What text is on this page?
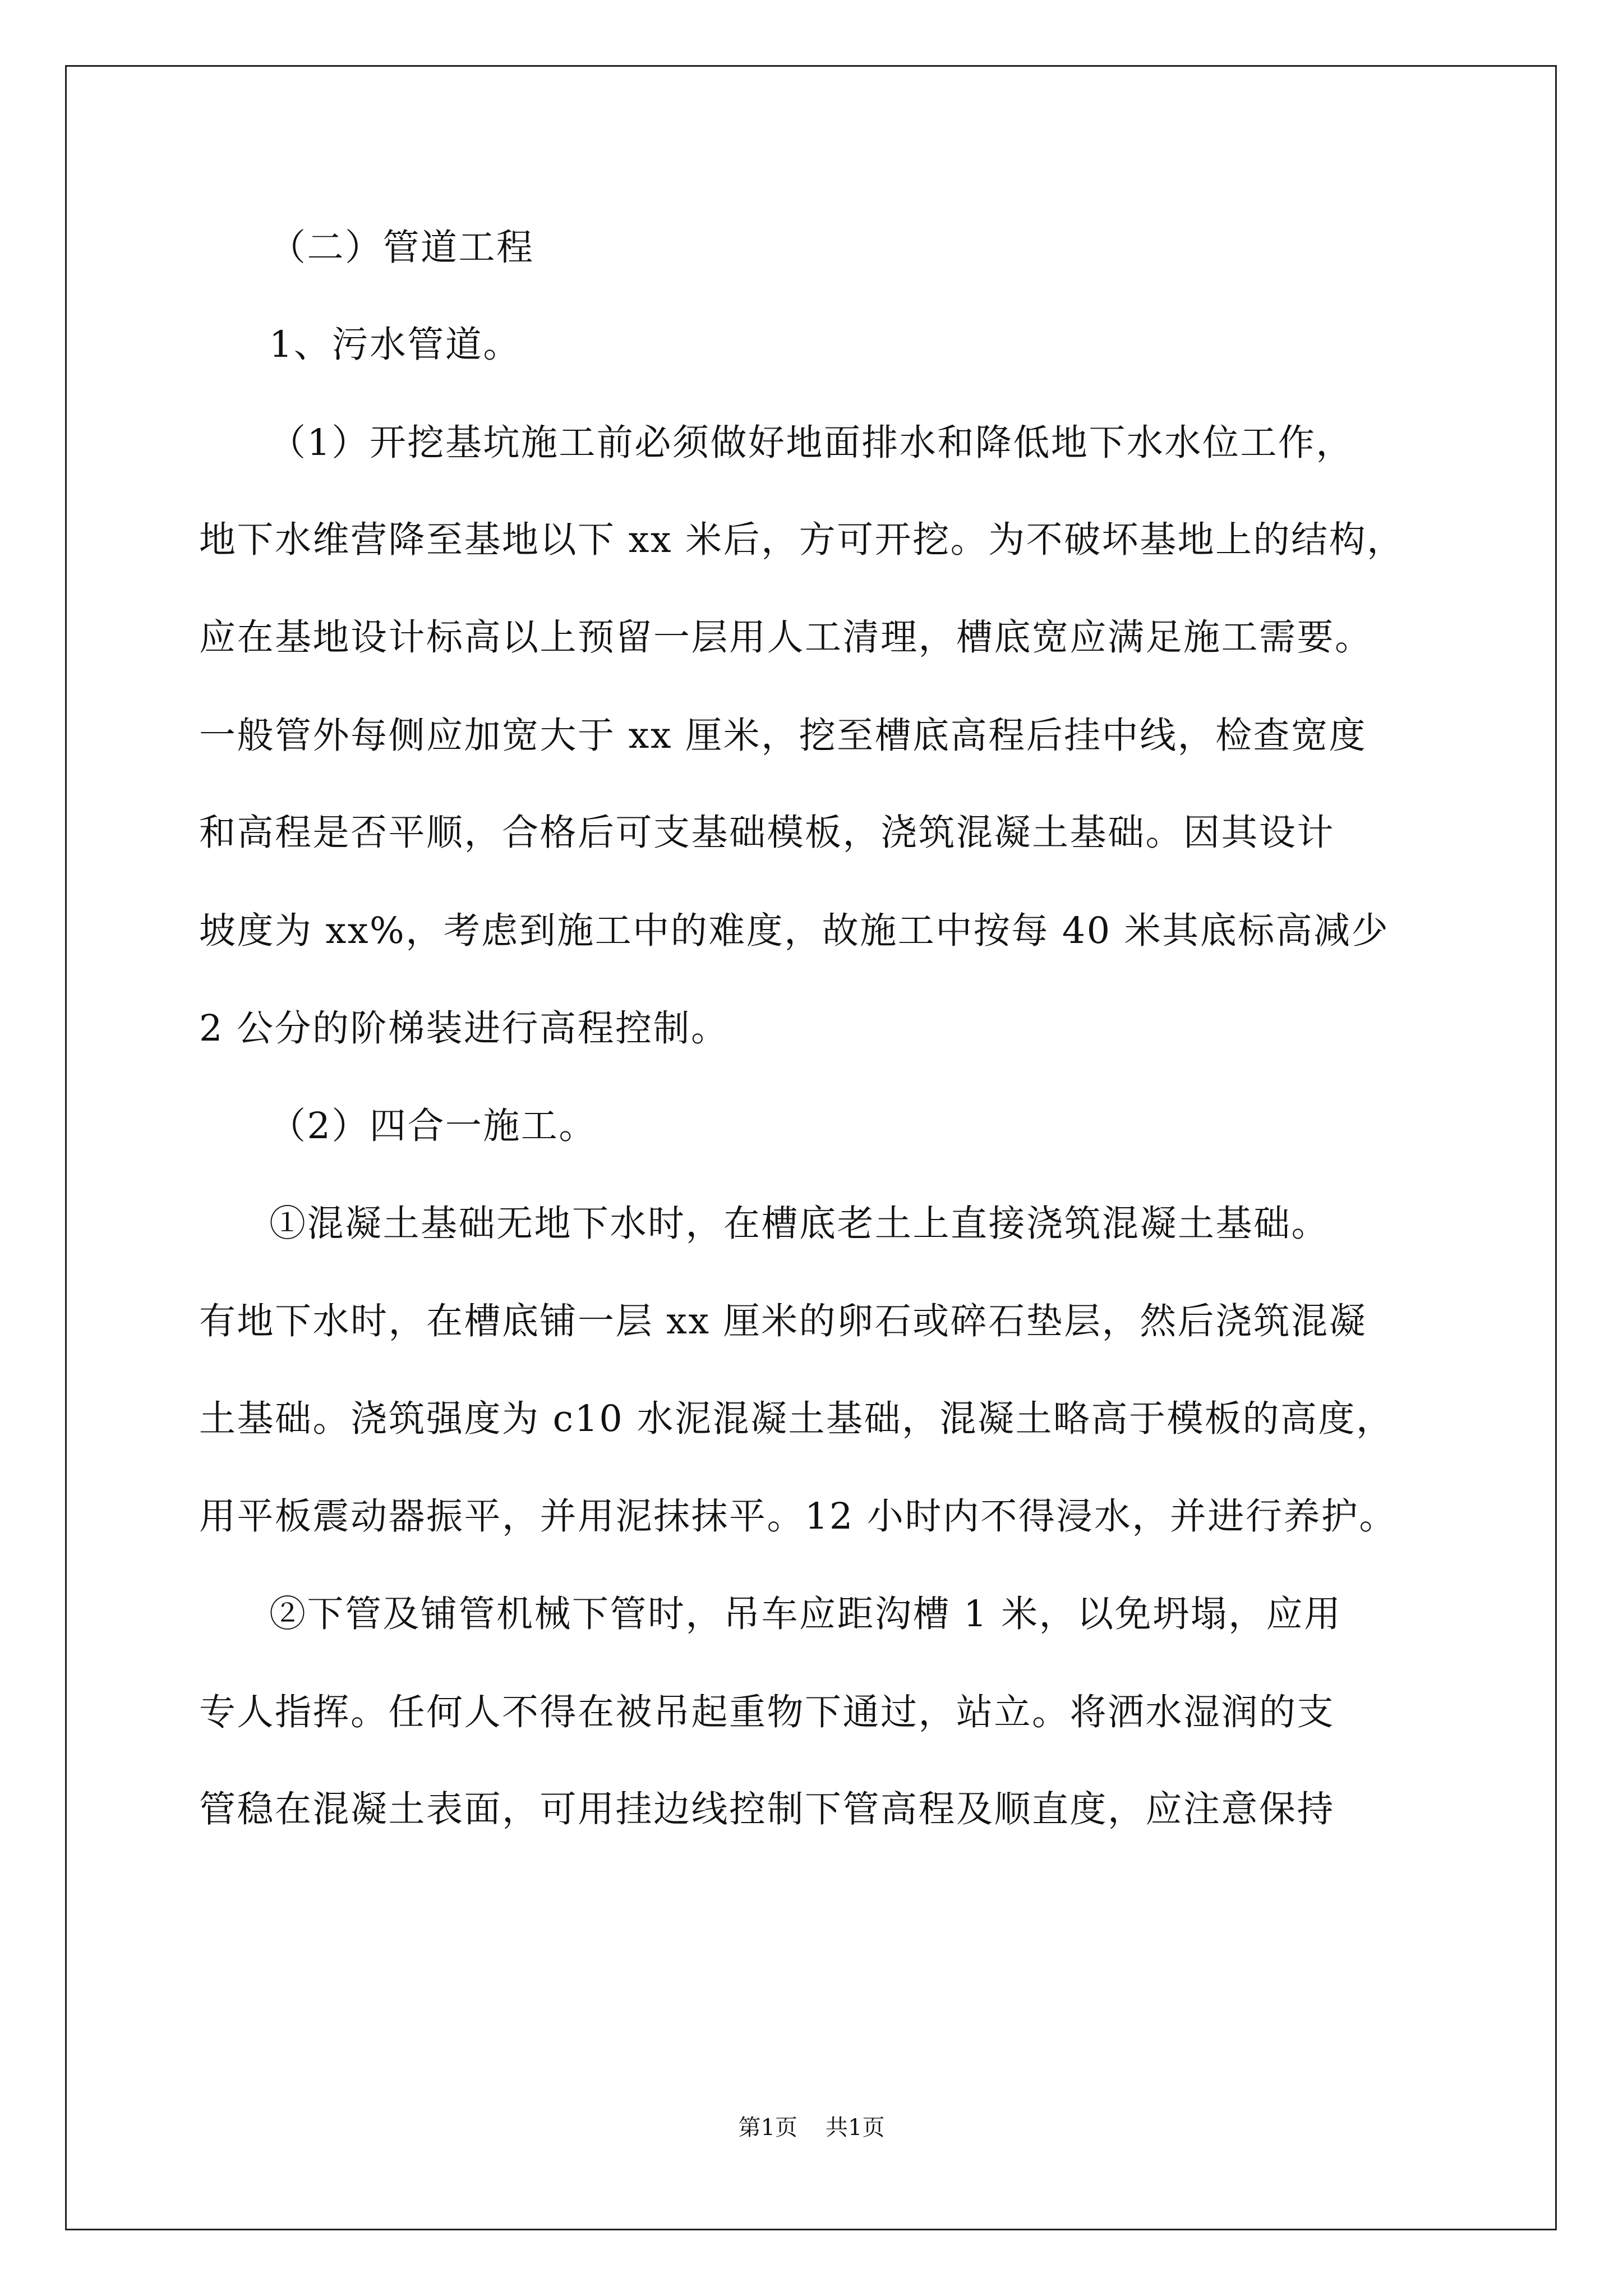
（二）管道工程
1、污水管道。
（1）开挖基坑施工前必须做好地面排水和降低地下水水位工作，
地下水维营降至基地以下 xx 米后，方可开挖。为不破坏基地上的结构，
应在基地设计标高以上预留一层用人工清理，槽底宽应满足施工需要。
一般管外每侧应加宽大于 xx 厘米，挖至槽底高程后挂中线，检查宽度
和高程是否平顺，合格后可支基础模板，浇筑混凝土基础。因其设计
坡度为 xx%，考虑到施工中的难度，故施工中按每 40 米其底标高减少
2 公分的阶梯装进行高程控制。
（2）四合一施工。
①混凝土基础无地下水时，在槽底老土上直接浇筑混凝土基础。
有地下水时，在槽底铺一层 xx 厘米的卵石或碎石垫层，然后浇筑混凝
土基础。浇筑强度为 c10 水泥混凝土基础，混凝土略高于模板的高度，
用平板震动器振平，并用泥抹抹平。12 小时内不得浸水，并进行养护。
②下管及铺管机械下管时，吊车应距沟槽 1 米，以免坍塌，应用
专人指挥。任何人不得在被吊起重物下通过，站立。将洒水湿润的支
管稳在混凝土表面，可用挂边线控制下管高程及顺直度，应注意保持
第1页 共1页
